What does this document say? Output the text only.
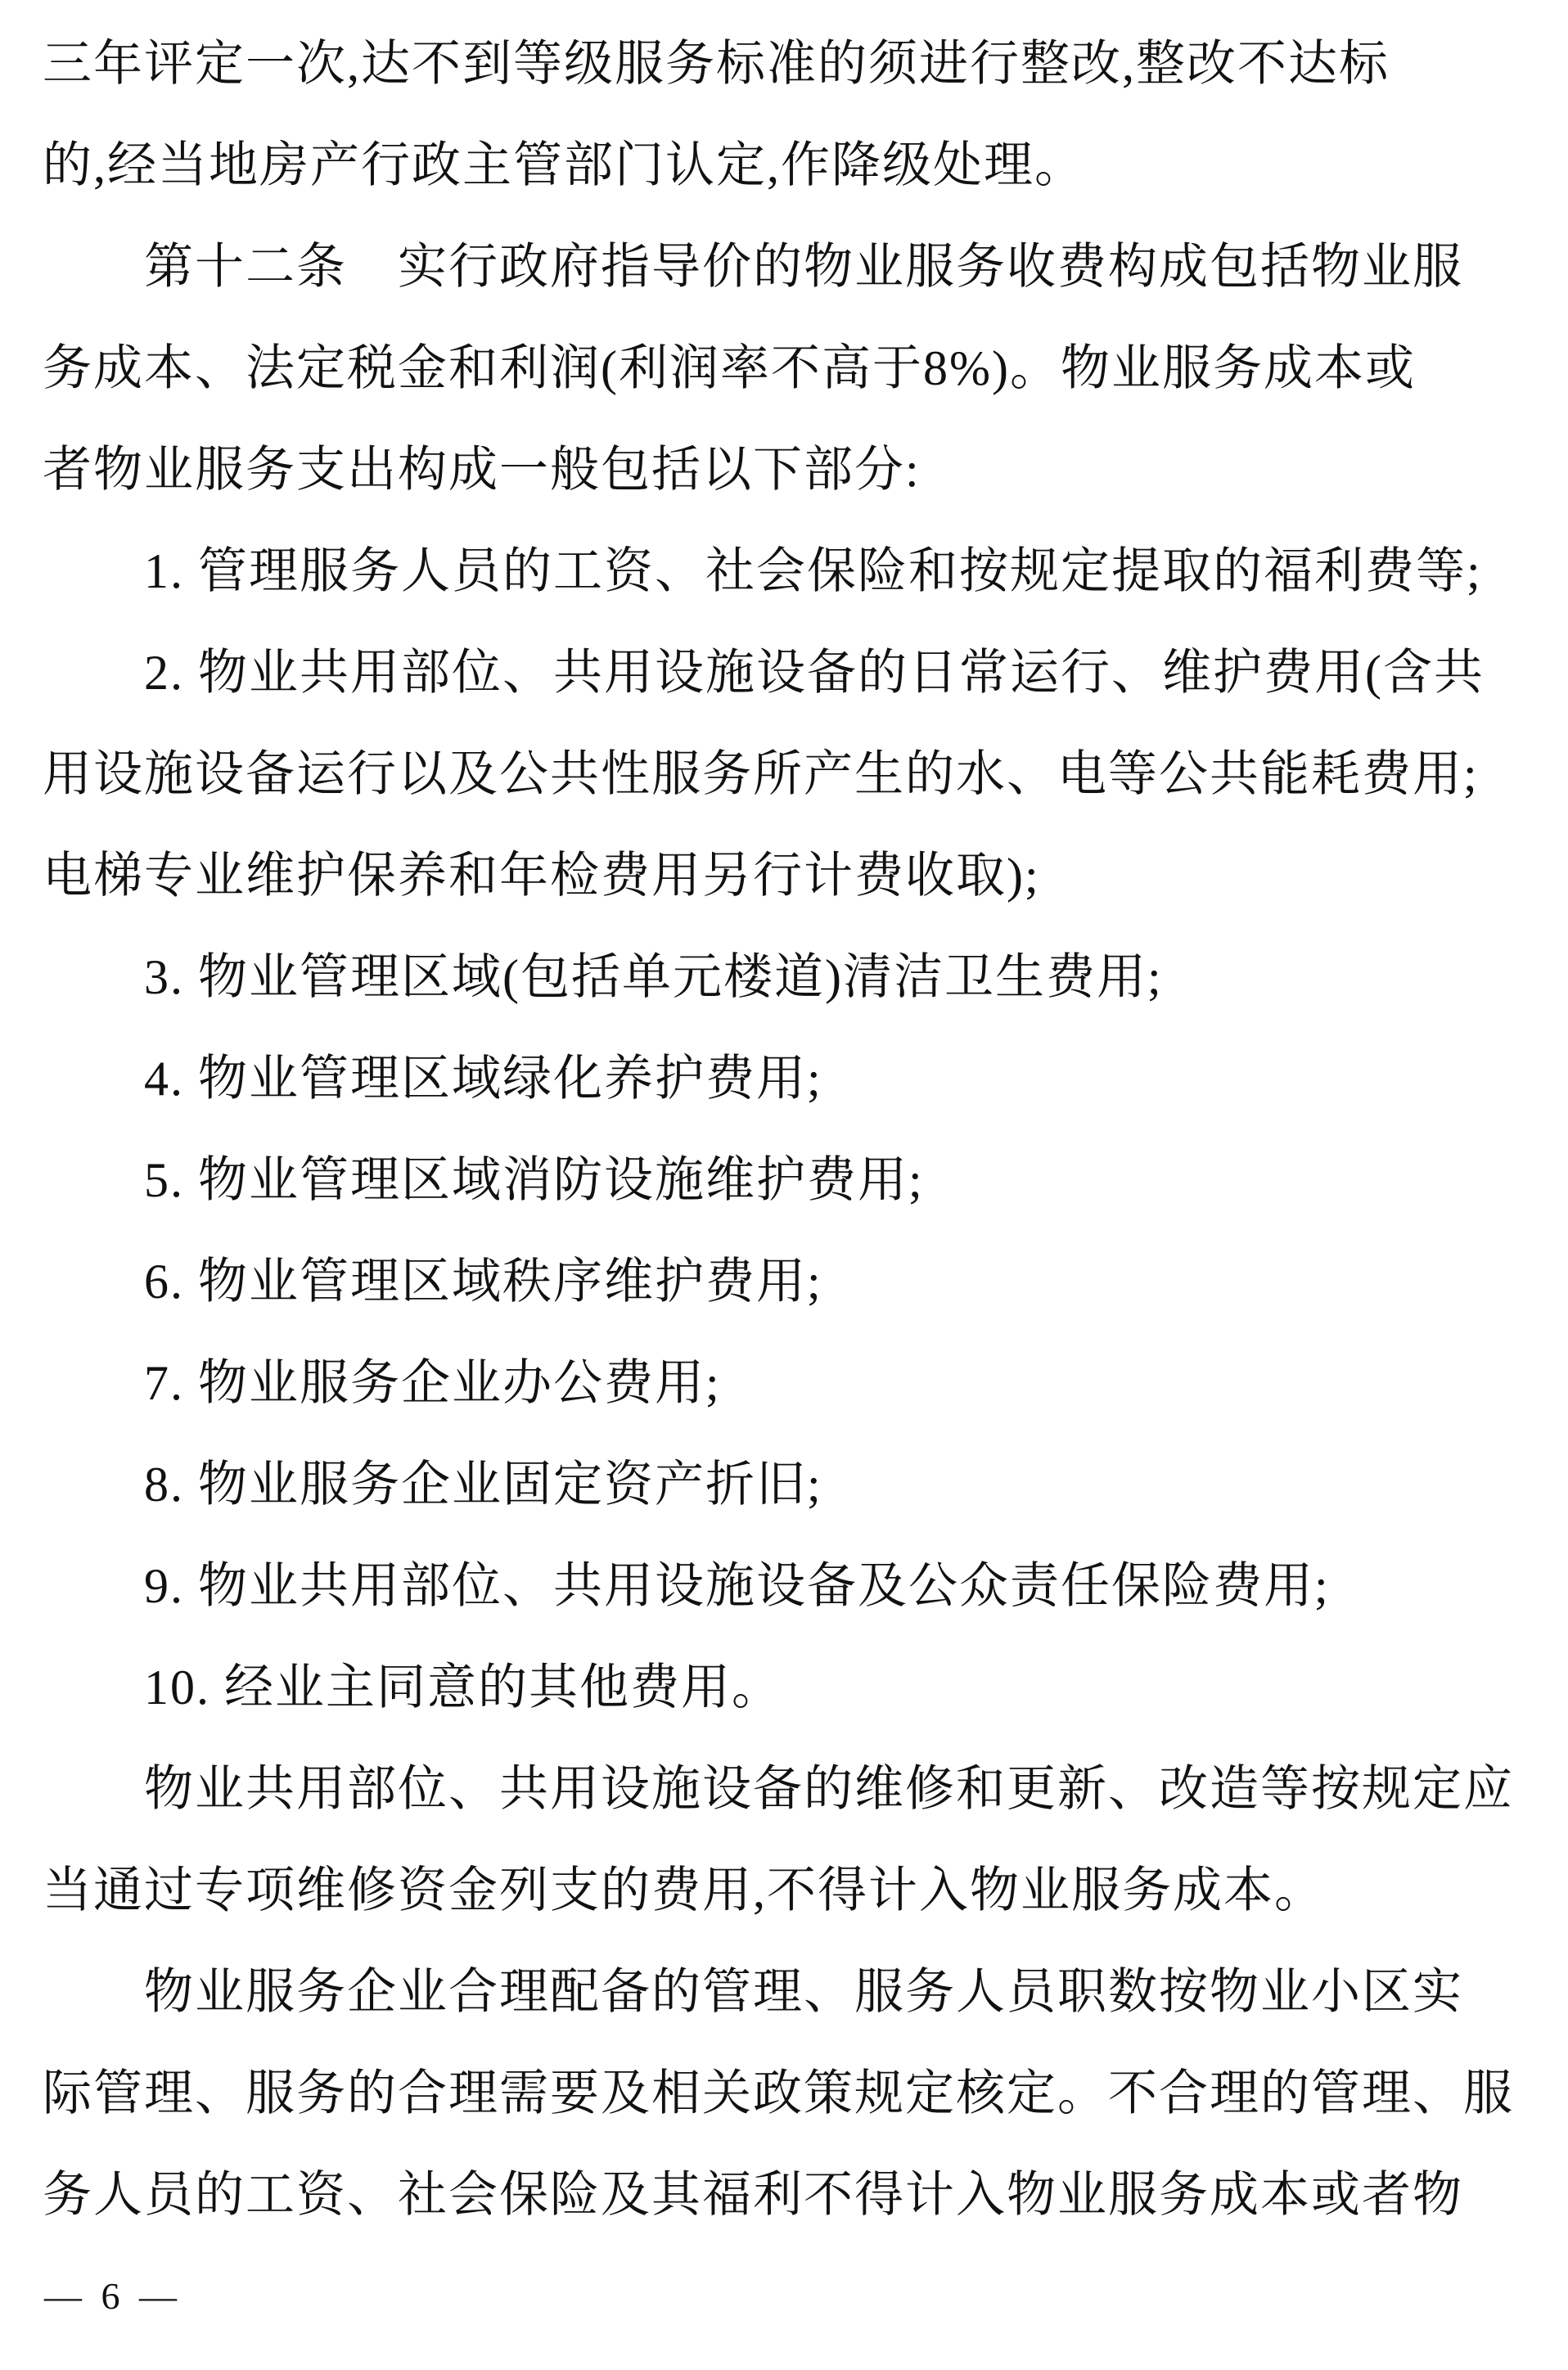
三年评定一次,达不到等级服务标准的须进行整改,整改不达标
的,经当地房产行政主管部门认定,作降级处理。
第十二条　实行政府指导价的物业服务收费构成包括物业服
务成本、法定税金和利润(利润率不高于8%)。物业服务成本或
者物业服务支出构成一般包括以下部分:
1. 管理服务人员的工资、社会保险和按规定提取的福利费等;
2. 物业共用部位、共用设施设备的日常运行、维护费用(含共
用设施设备运行以及公共性服务所产生的水、电等公共能耗费用;
电梯专业维护保养和年检费用另行计费收取);
3. 物业管理区域(包括单元楼道)清洁卫生费用;
4. 物业管理区域绿化养护费用;
5. 物业管理区域消防设施维护费用;
6. 物业管理区域秩序维护费用;
7. 物业服务企业办公费用;
8. 物业服务企业固定资产折旧;
9. 物业共用部位、共用设施设备及公众责任保险费用;
10. 经业主同意的其他费用。
物业共用部位、共用设施设备的维修和更新、改造等按规定应
当通过专项维修资金列支的费用,不得计入物业服务成本。
物业服务企业合理配备的管理、服务人员职数按物业小区实
际管理、服务的合理需要及相关政策规定核定。不合理的管理、服
务人员的工资、社会保险及其福利不得计入物业服务成本或者物
— 6 —
